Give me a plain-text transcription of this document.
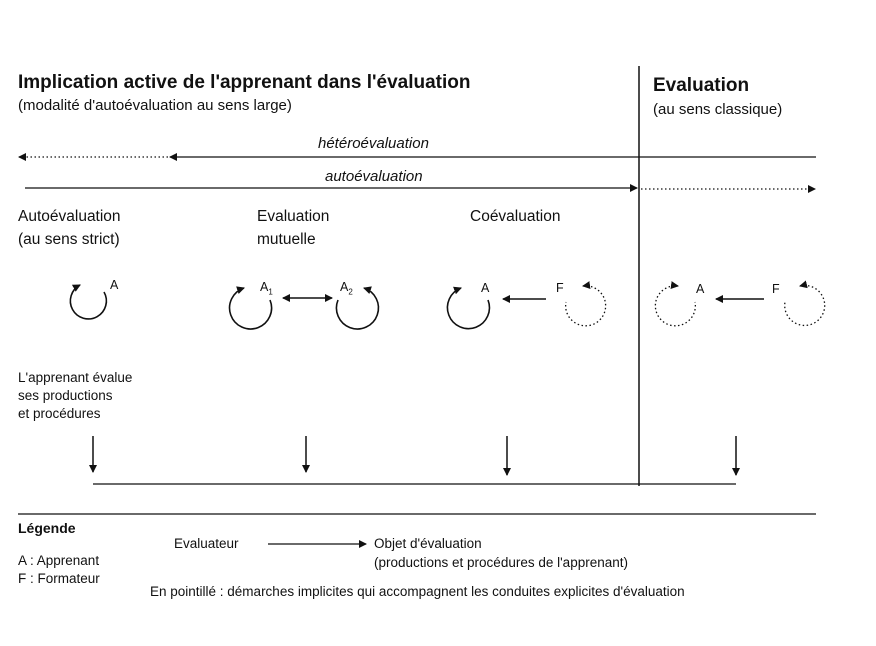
Implication active de l'apprenant dans l'évaluation
(modalité d'autoévaluation au sens large)
Evaluation
(au sens classique)
hétéroévaluation
autoévaluation
Autoévaluation
(au sens strict)
Evaluation
mutuelle
Coévaluation
A	$A_1$	$A_2$	A	F	A	F
L'apprenant évalue
ses productions
et procédures
Légende
A : Apprenant
F : Formateur
Evaluateur	Objet d'évaluation
(productions et procédures de l'apprenant)
En pointillé : démarches implicites qui accompagnent les conduites explicites d'évaluation
